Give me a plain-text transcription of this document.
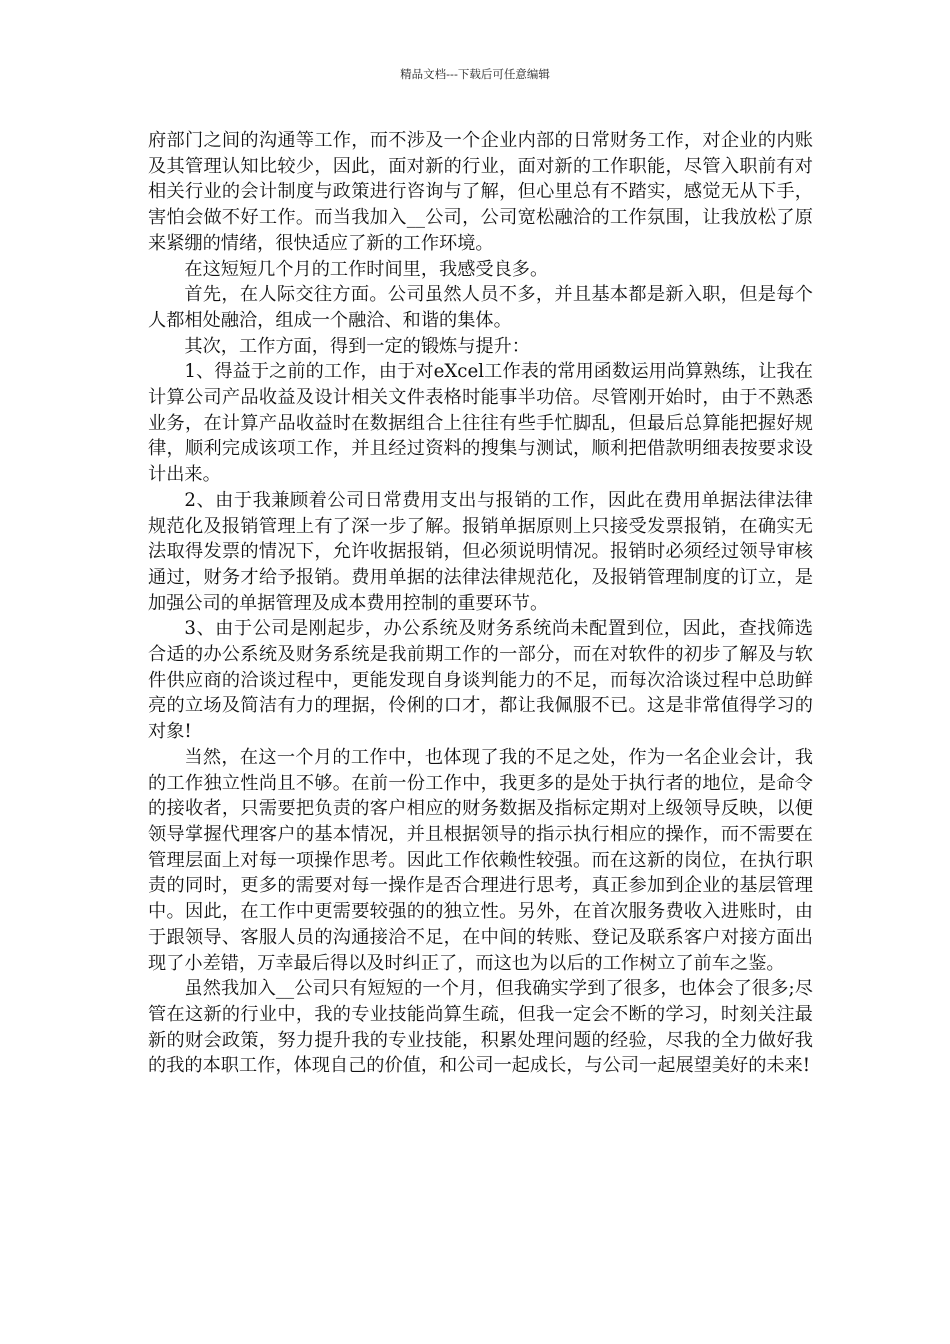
精品文档---下载后可任意编辑

府部门之间的沟通等工作，而不涉及一个企业内部的日常财务工作，对企业的内账及其管理认知比较少，因此，面对新的行业，面对新的工作职能，尽管入职前有对相关行业的会计制度与政策进行咨询与了解，但心里总有不踏实，感觉无从下手，害怕会做不好工作。而当我加入__公司，公司宽松融洽的工作氛围，让我放松了原来紧绷的情绪，很快适应了新的工作环境。

在这短短几个月的工作时间里，我感受良多。

首先，在人际交往方面。公司虽然人员不多，并且基本都是新入职，但是每个人都相处融洽，组成一个融洽、和谐的集体。

其次，工作方面，得到一定的锻炼与提升：

1、得益于之前的工作，由于对eXcel工作表的常用函数运用尚算熟练，让我在计算公司产品收益及设计相关文件表格时能事半功倍。尽管刚开始时，由于不熟悉业务，在计算产品收益时在数据组合上往往有些手忙脚乱，但最后总算能把握好规律，顺利完成该项工作，并且经过资料的搜集与测试，顺利把借款明细表按要求设计出来。

2、由于我兼顾着公司日常费用支出与报销的工作，因此在费用单据法律法律规范化及报销管理上有了深一步了解。报销单据原则上只接受发票报销，在确实无法取得发票的情况下，允许收据报销，但必须说明情况。报销时必须经过领导审核通过，财务才给予报销。费用单据的法律法律规范化，及报销管理制度的订立，是加强公司的单据管理及成本费用控制的重要环节。

3、由于公司是刚起步，办公系统及财务系统尚未配置到位，因此，查找筛选合适的办公系统及财务系统是我前期工作的一部分，而在对软件的初步了解及与软件供应商的洽谈过程中，更能发现自身谈判能力的不足，而每次洽谈过程中总助鲜亮的立场及简洁有力的理据，伶俐的口才，都让我佩服不已。这是非常值得学习的对象!

当然，在这一个月的工作中，也体现了我的不足之处，作为一名企业会计，我的工作独立性尚且不够。在前一份工作中，我更多的是处于执行者的地位，是命令的接收者，只需要把负责的客户相应的财务数据及指标定期对上级领导反映，以便领导掌握代理客户的基本情况，并且根据领导的指示执行相应的操作，而不需要在管理层面上对每一项操作思考。因此工作依赖性较强。而在这新的岗位，在执行职责的同时，更多的需要对每一操作是否合理进行思考，真正参加到企业的基层管理中。因此，在工作中更需要较强的的独立性。另外，在首次服务费收入进账时，由于跟领导、客服人员的沟通接洽不足，在中间的转账、登记及联系客户对接方面出现了小差错，万幸最后得以及时纠正了，而这也为以后的工作树立了前车之鉴。

虽然我加入__公司只有短短的一个月，但我确实学到了很多，也体会了很多;尽管在这新的行业中，我的专业技能尚算生疏，但我一定会不断的学习，时刻关注最新的财会政策，努力提升我的专业技能，积累处理问题的经验，尽我的全力做好我的我的本职工作，体现自己的价值，和公司一起成长，与公司一起展望美好的未来!
